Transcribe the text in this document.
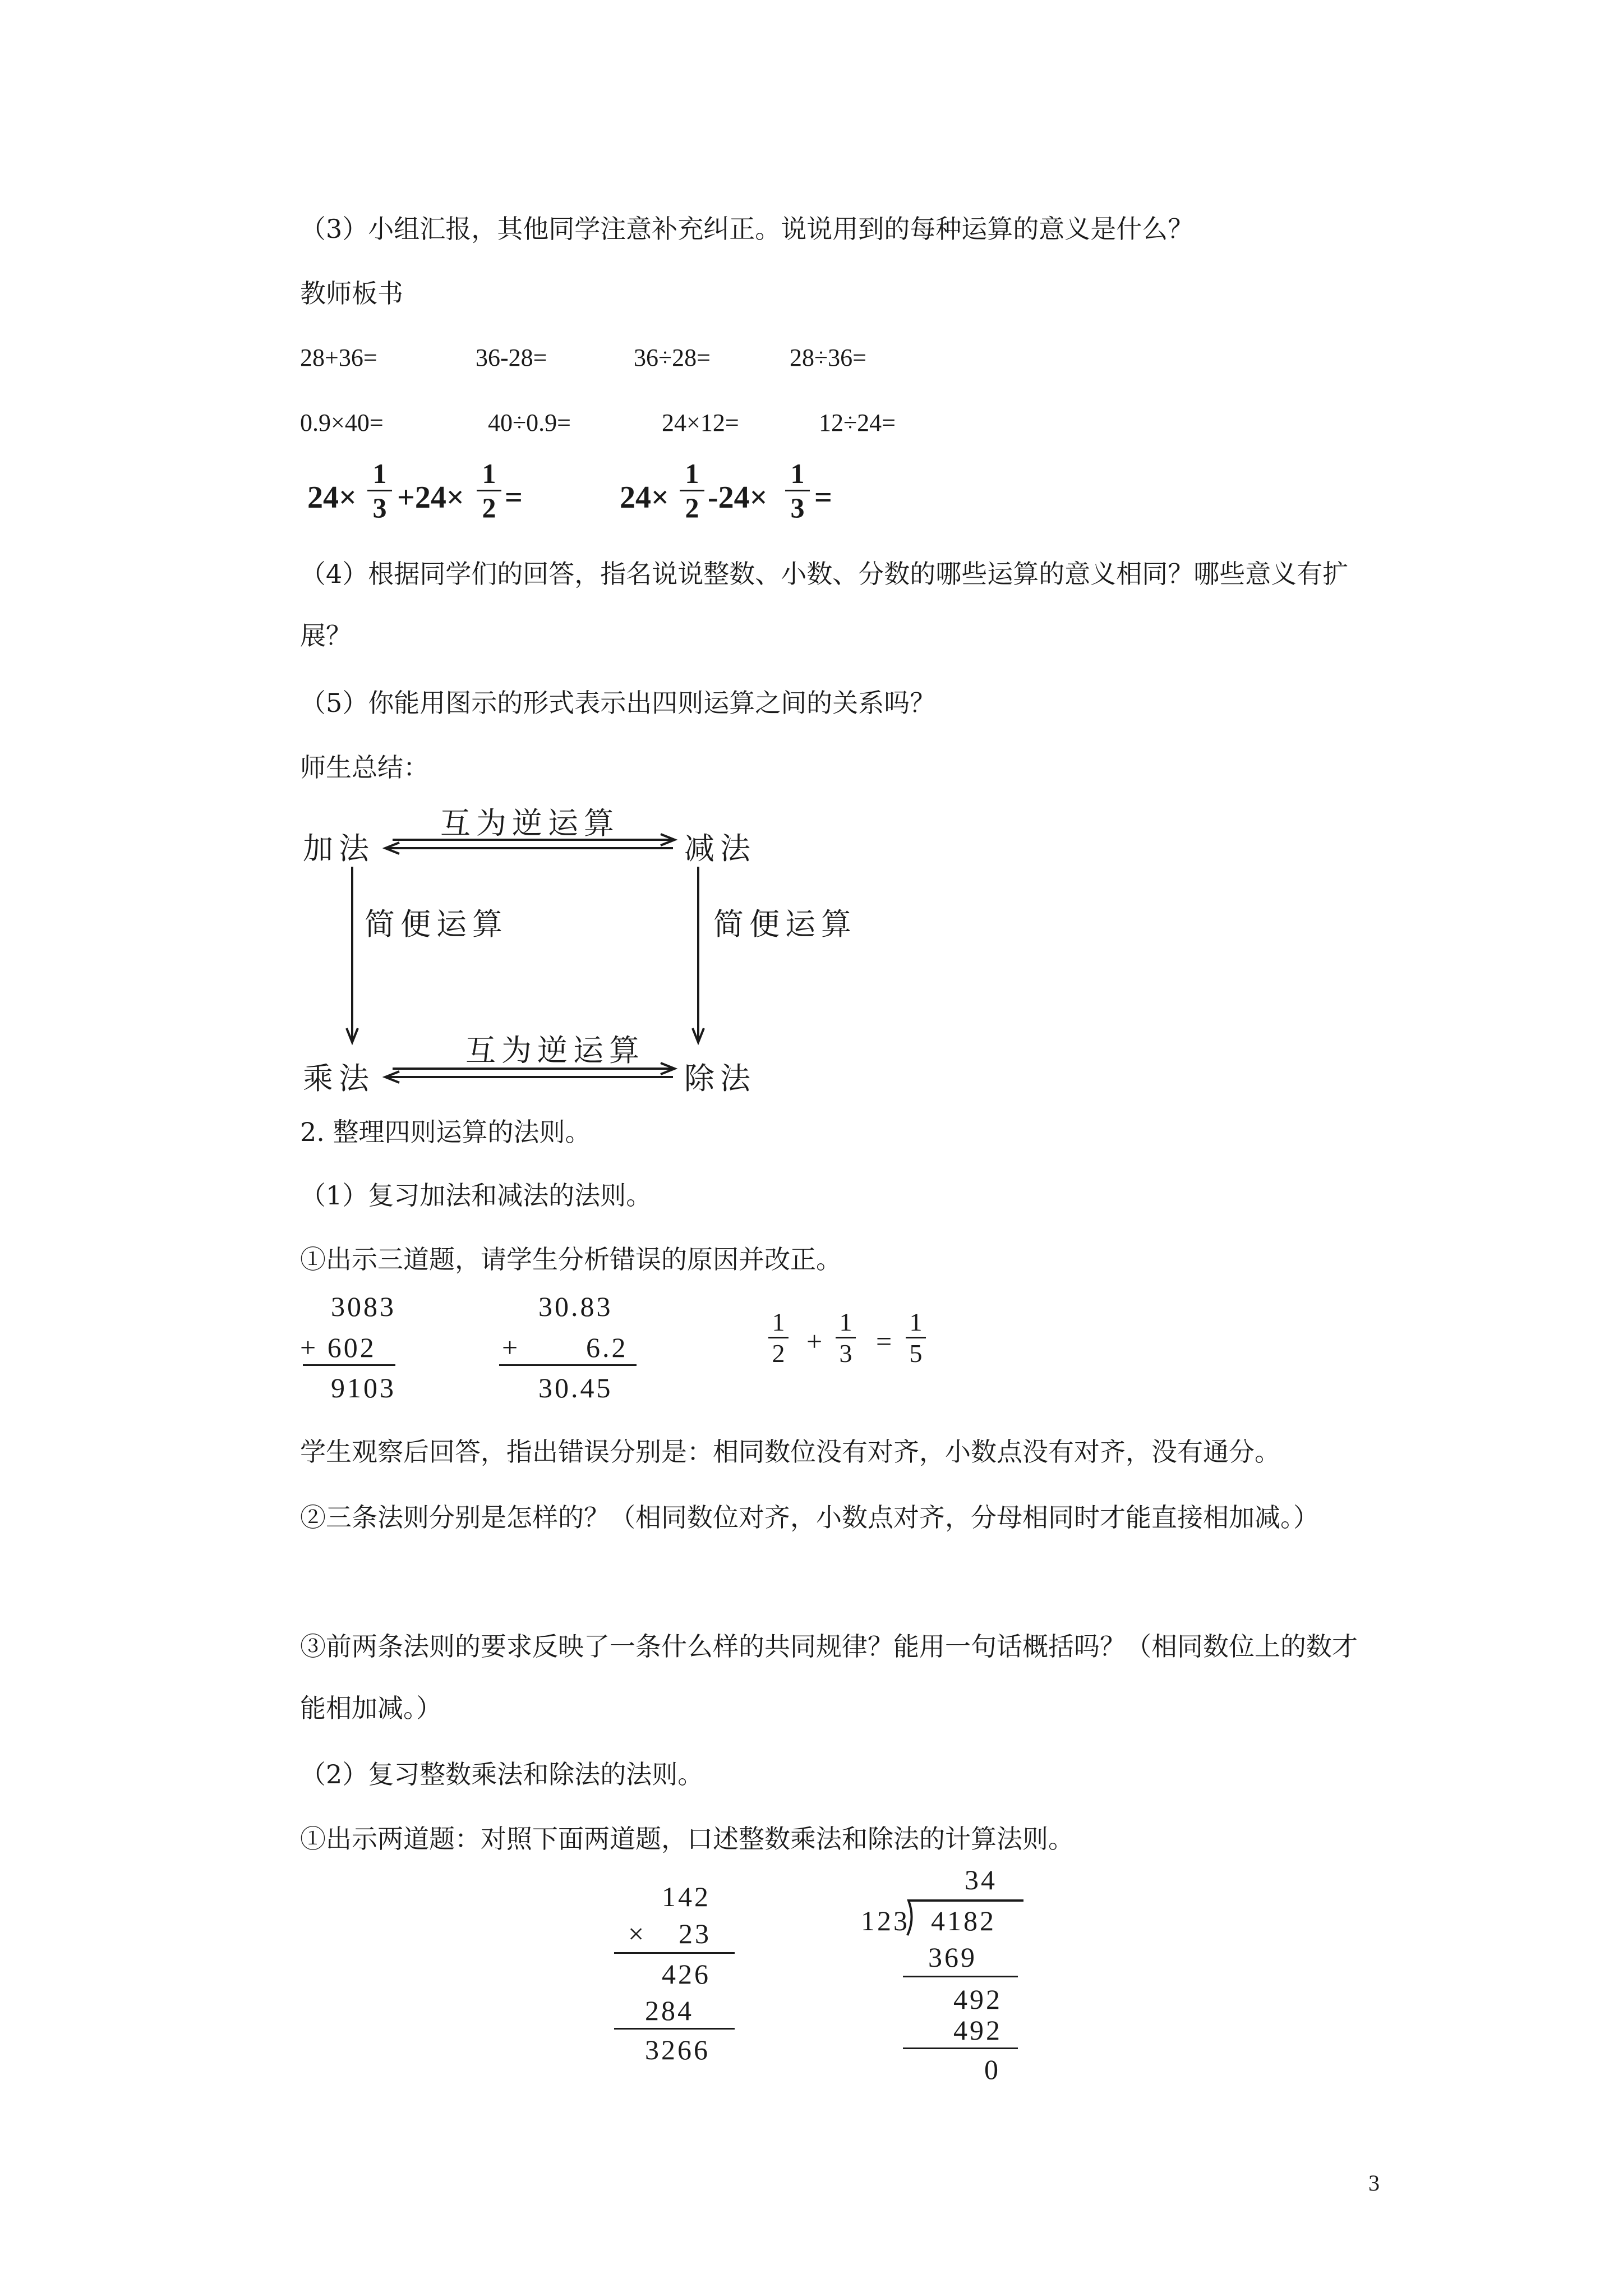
（3）小组汇报，其他同学注意补充纠正。说说用到的每种运算的意义是什么？
教师板书
28+36=	36-28=	36÷28=	28÷36=
0.9×40=	40÷0.9=	24×12=	12÷24=
24×
1
3 +24×
1
2 =	24×
1
2 -24×
1
3 =
（4）根据同学们的回答，指名说说整数、小数、分数的哪些运算的意义相同？哪些意义有扩展？
（5）你能用图示的形式表示出四则运算之间的关系吗？
师生总结：
加法	减法
乘法	除法
互为逆运算
互为逆运算
简便运算	简便运算
2. 整理四则运算的法则。
（1）复习加法和减法的法则。
①出示三道题，请学生分析错误的原因并改正。
3083
+ 602
9103
30.83
+ 6.2
30.45
1
2 +
1
3 =
1
5
学生观察后回答，指出错误分别是：相同数位没有对齐，小数点没有对齐，没有通分。
②三条法则分别是怎样的？（相同数位对齐，小数点对齐，分母相同时才能直接相加减。）
③前两条法则的要求反映了一条什么样的共同规律？能用一句话概括吗？（相同数位上的数才能相加减。）
（2）复习整数乘法和除法的法则。
①出示两道题：对照下面两道题，口述整数乘法和除法的计算法则。
142
× 23
426
284
3266
34
123 4182
369
492
492
0
3
